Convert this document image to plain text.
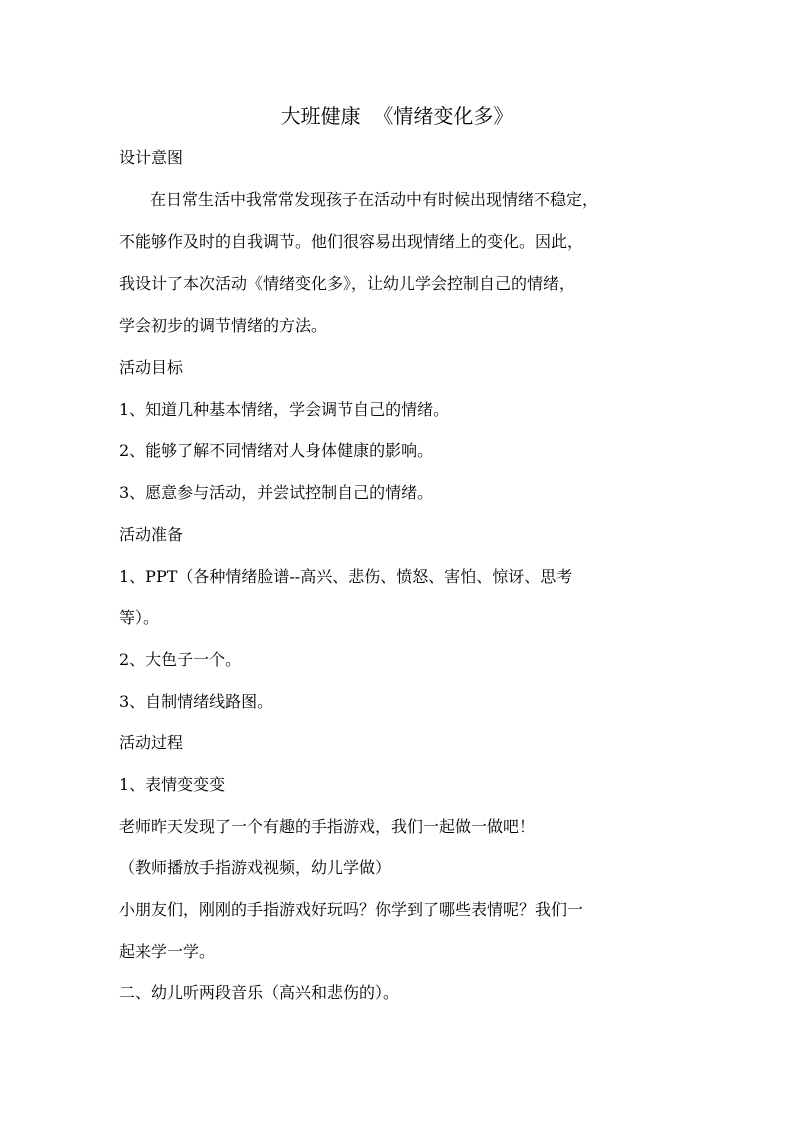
大班健康  《情绪变化多》
设计意图
在日常生活中我常常发现孩子在活动中有时候出现情绪不稳定，
不能够作及时的自我调节。他们很容易出现情绪上的变化。因此，
我设计了本次活动《情绪变化多》，让幼儿学会控制自己的情绪，
学会初步的调节情绪的方法。
活动目标
1、知道几种基本情绪，学会调节自己的情绪。
2、能够了解不同情绪对人身体健康的影响。
3、愿意参与活动，并尝试控制自己的情绪。
活动准备
1、PPT（各种情绪脸谱--高兴、悲伤、愤怒、害怕、惊讶、思考
等）。
2、大色子一个。
3、自制情绪线路图。
活动过程
1、表情变变变
老师昨天发现了一个有趣的手指游戏，我们一起做一做吧！
（教师播放手指游戏视频，幼儿学做）
小朋友们，刚刚的手指游戏好玩吗？你学到了哪些表情呢？我们一
起来学一学。
二、幼儿听两段音乐（高兴和悲伤的）。
